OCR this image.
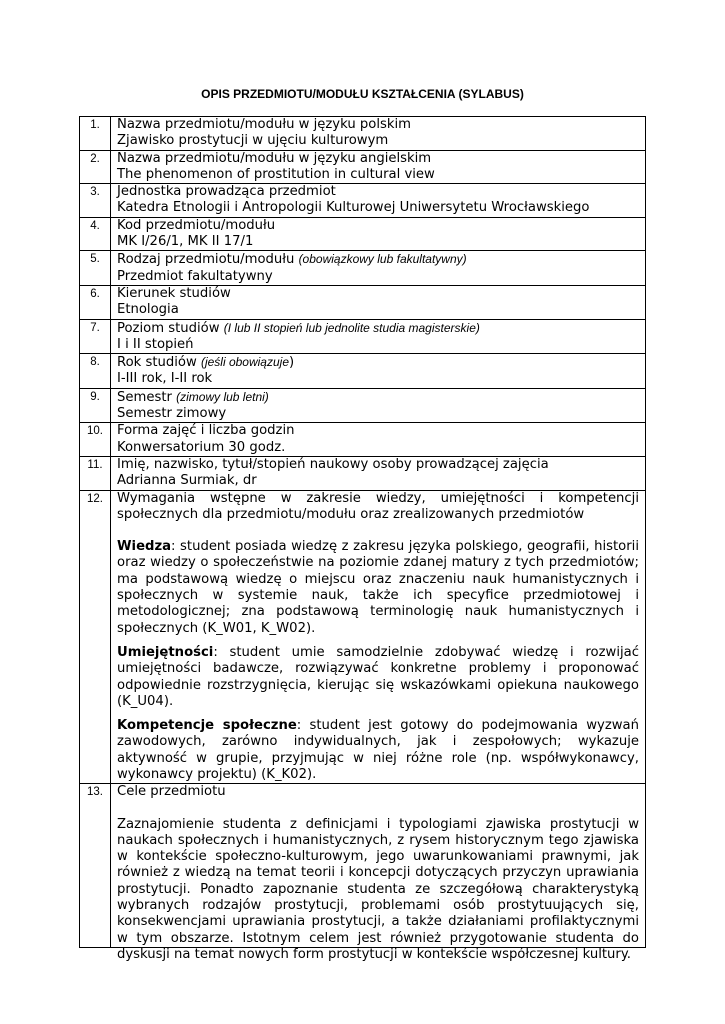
OPIS PRZEDMIOTU/MODUŁU KSZTAŁCENIA (SYLABUS)
1.	Nazwa przedmiotu/modułu w języku polskim
Zjawisko prostytucji w ujęciu kulturowym

2.	Nazwa przedmiotu/modułu w języku angielskim
The phenomenon of prostitution in cultural view

3.	Jednostka prowadząca przedmiot
Katedra Etnologii i Antropologii Kulturowej Uniwersytetu Wrocławskiego

4.	Kod przedmiotu/modułu
MK I/26/1, MK II 17/1

5.	Rodzaj przedmiotu/modułu (obowiązkowy lub fakultatywny)
Przedmiot fakultatywny

6.	Kierunek studiów
Etnologia

7.	Poziom studiów (I lub II stopień lub jednolite studia magisterskie)
I i II stopień

8.	Rok studiów (jeśli obowiązuje)
I-III rok, I-II rok

9.	Semestr (zimowy lub letni)
Semestr zimowy

10.	Forma zajęć i liczba godzin
Konwersatorium 30 godz.

11.	Imię, nazwisko, tytuł/stopień naukowy osoby prowadzącej zajęcia
Adrianna Surmiak, dr

12.	Wymagania wstępne w zakresie wiedzy, umiejętności i kompetencji społecznych dla przedmiotu/modułu oraz zrealizowanych przedmiotów

Wiedza: student posiada wiedzę z zakresu języka polskiego, geografii, historii oraz wiedzy o społeczeństwie na poziomie zdanej matury z tych przedmiotów; ma podstawową wiedzę o miejscu oraz znaczeniu nauk humanistycznych i społecznych w systemie nauk, także ich specyfice przedmiotowej i metodologicznej; zna podstawową terminologię nauk humanistycznych i społecznych (K_W01, K_W02).

Umiejętności: student umie samodzielnie zdobywać wiedzę i rozwijać umiejętności badawcze, rozwiązywać konkretne problemy i proponować odpowiednie rozstrzygnięcia, kierując się wskazówkami opiekuna naukowego (K_U04).

Kompetencje społeczne: student jest gotowy do podejmowania wyzwań zawodowych, zarówno indywidualnych, jak i zespołowych; wykazuje aktywność w grupie, przyjmując w niej różne role (np. współwykonawcy, wykonawcy projektu) (K_K02).

13.	Cele przedmiotu

Zaznajomienie studenta z definicjami i typologiami zjawiska prostytucji w naukach społecznych i humanistycznych, z rysem historycznym tego zjawiska w kontekście społeczno-kulturowym, jego uwarunkowaniami prawnymi, jak również z wiedzą na temat teorii i koncepcji dotyczących przyczyn uprawiania prostytucji. Ponadto zapoznanie studenta ze szczegółową charakterystyką wybranych rodzajów prostytucji, problemami osób prostytuujących się, konsekwencjami uprawiania prostytucji, a także działaniami profilaktycznymi w tym obszarze. Istotnym celem jest również przygotowanie studenta do dyskusji na temat nowych form prostytucji w kontekście współczesnej kultury.
